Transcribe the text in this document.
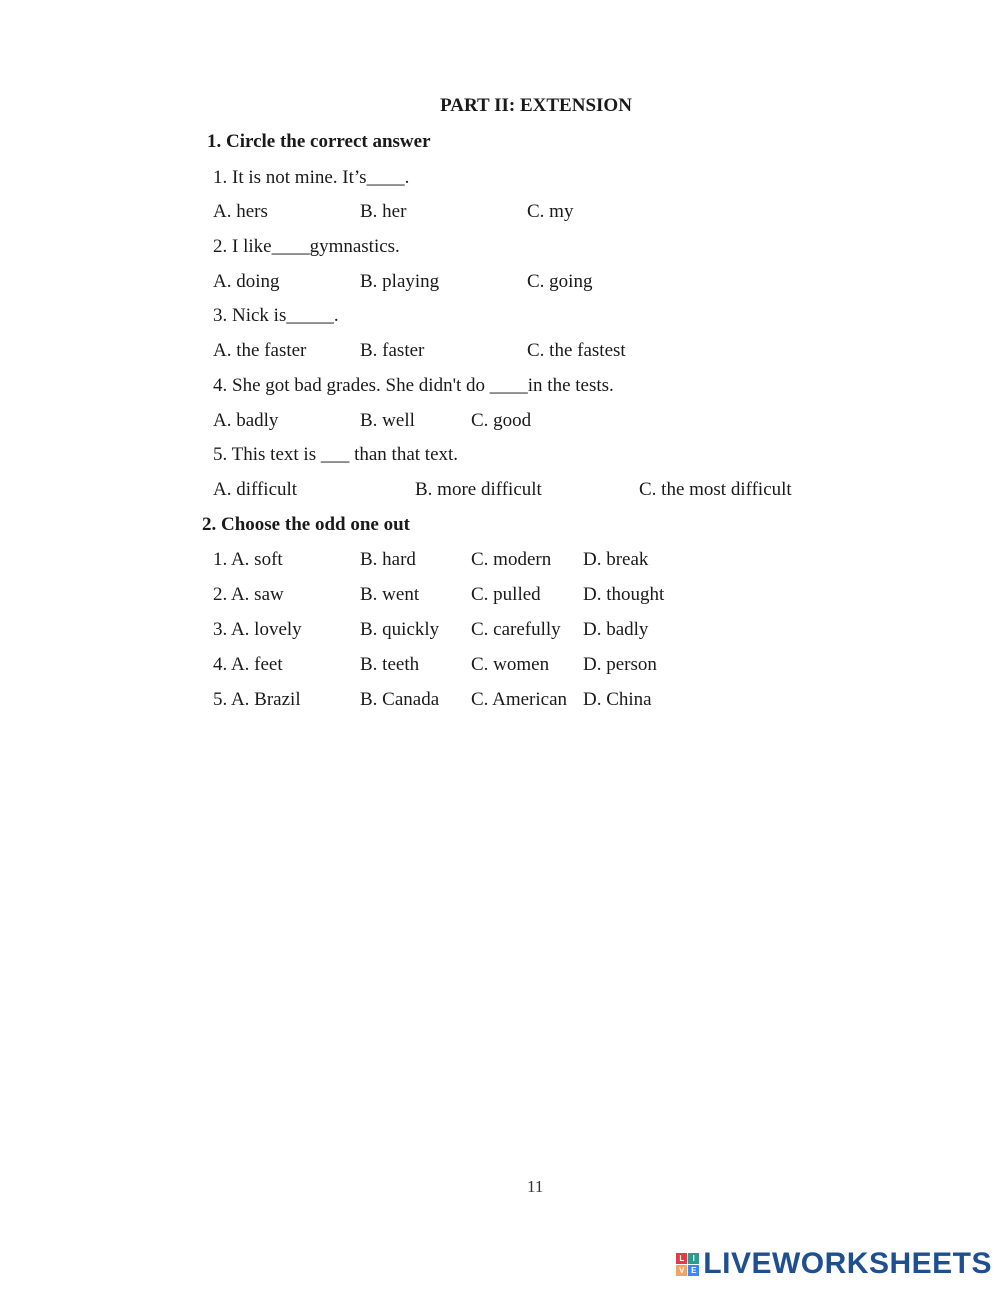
PART II: EXTENSION
1. Circle the correct answer
1. It is not mine. It’s____.
A. hers	B. her	C. my
2. I like____gymnastics.
A. doing	B. playing	C. going
3. Nick is_____.
A. the faster	B. faster	C. the fastest
4. She got bad grades. She didn't do ____in the tests.
A. badly	B. well	C. good
5. This text is ___ than that text.
A. difficult	B. more difficult	C. the most difficult
2. Choose the odd one out
1. A. soft	B. hard	C. modern D. break
2. A. saw	B. went	C. pulled D. thought
3. A. lovely	B. quickly C. carefully D. badly
4. A. feet	B. teeth	C. women D. person
5. A. Brazil	B. Canada C. American D. China
11
L	I
V E LIVEWORKSHEETS
